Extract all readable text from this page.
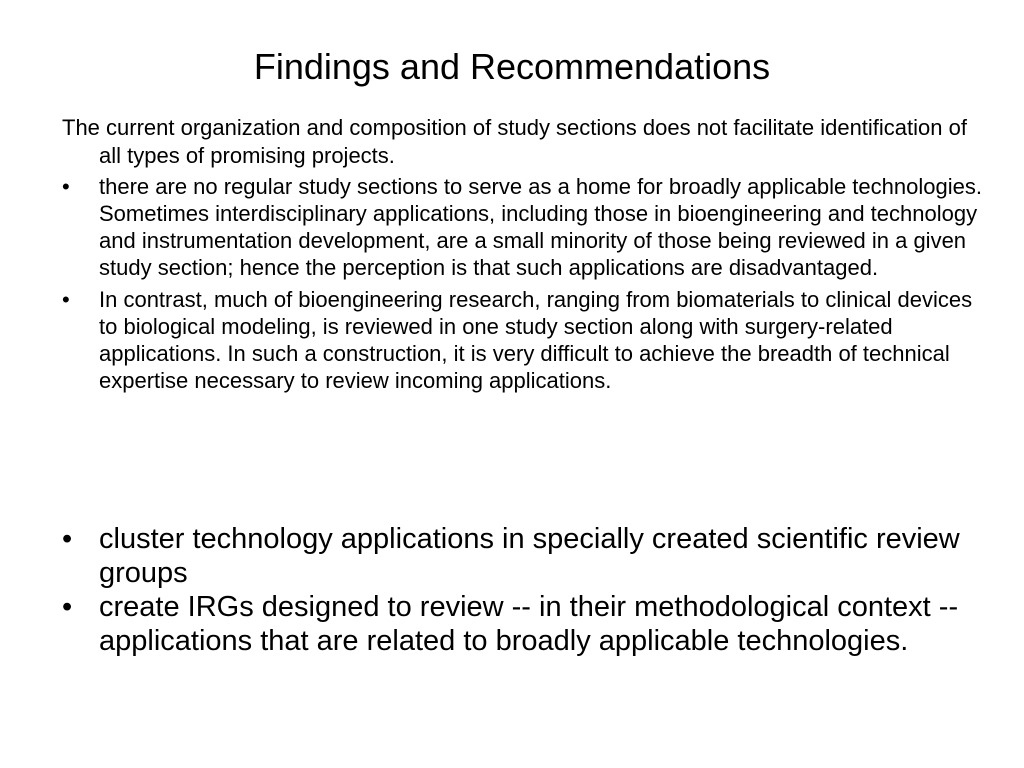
Findings and Recommendations

The current organization and composition of study sections does not facilitate identification of all types of promising projects.

• there are no regular study sections to serve as a home for broadly applicable technologies. Sometimes interdisciplinary applications, including those in bioengineering and technology and instrumentation development, are a small minority of those being reviewed in a given study section; hence the perception is that such applications are disadvantaged.
• In contrast, much of bioengineering research, ranging from biomaterials to clinical devices to biological modeling, is reviewed in one study section along with surgery-related applications. In such a construction, it is very difficult to achieve the breadth of technical expertise necessary to review incoming applications.
• cluster technology applications in specially created scientific review groups
• create IRGs designed to review -- in their methodological context -- applications that are related to broadly applicable technologies.
